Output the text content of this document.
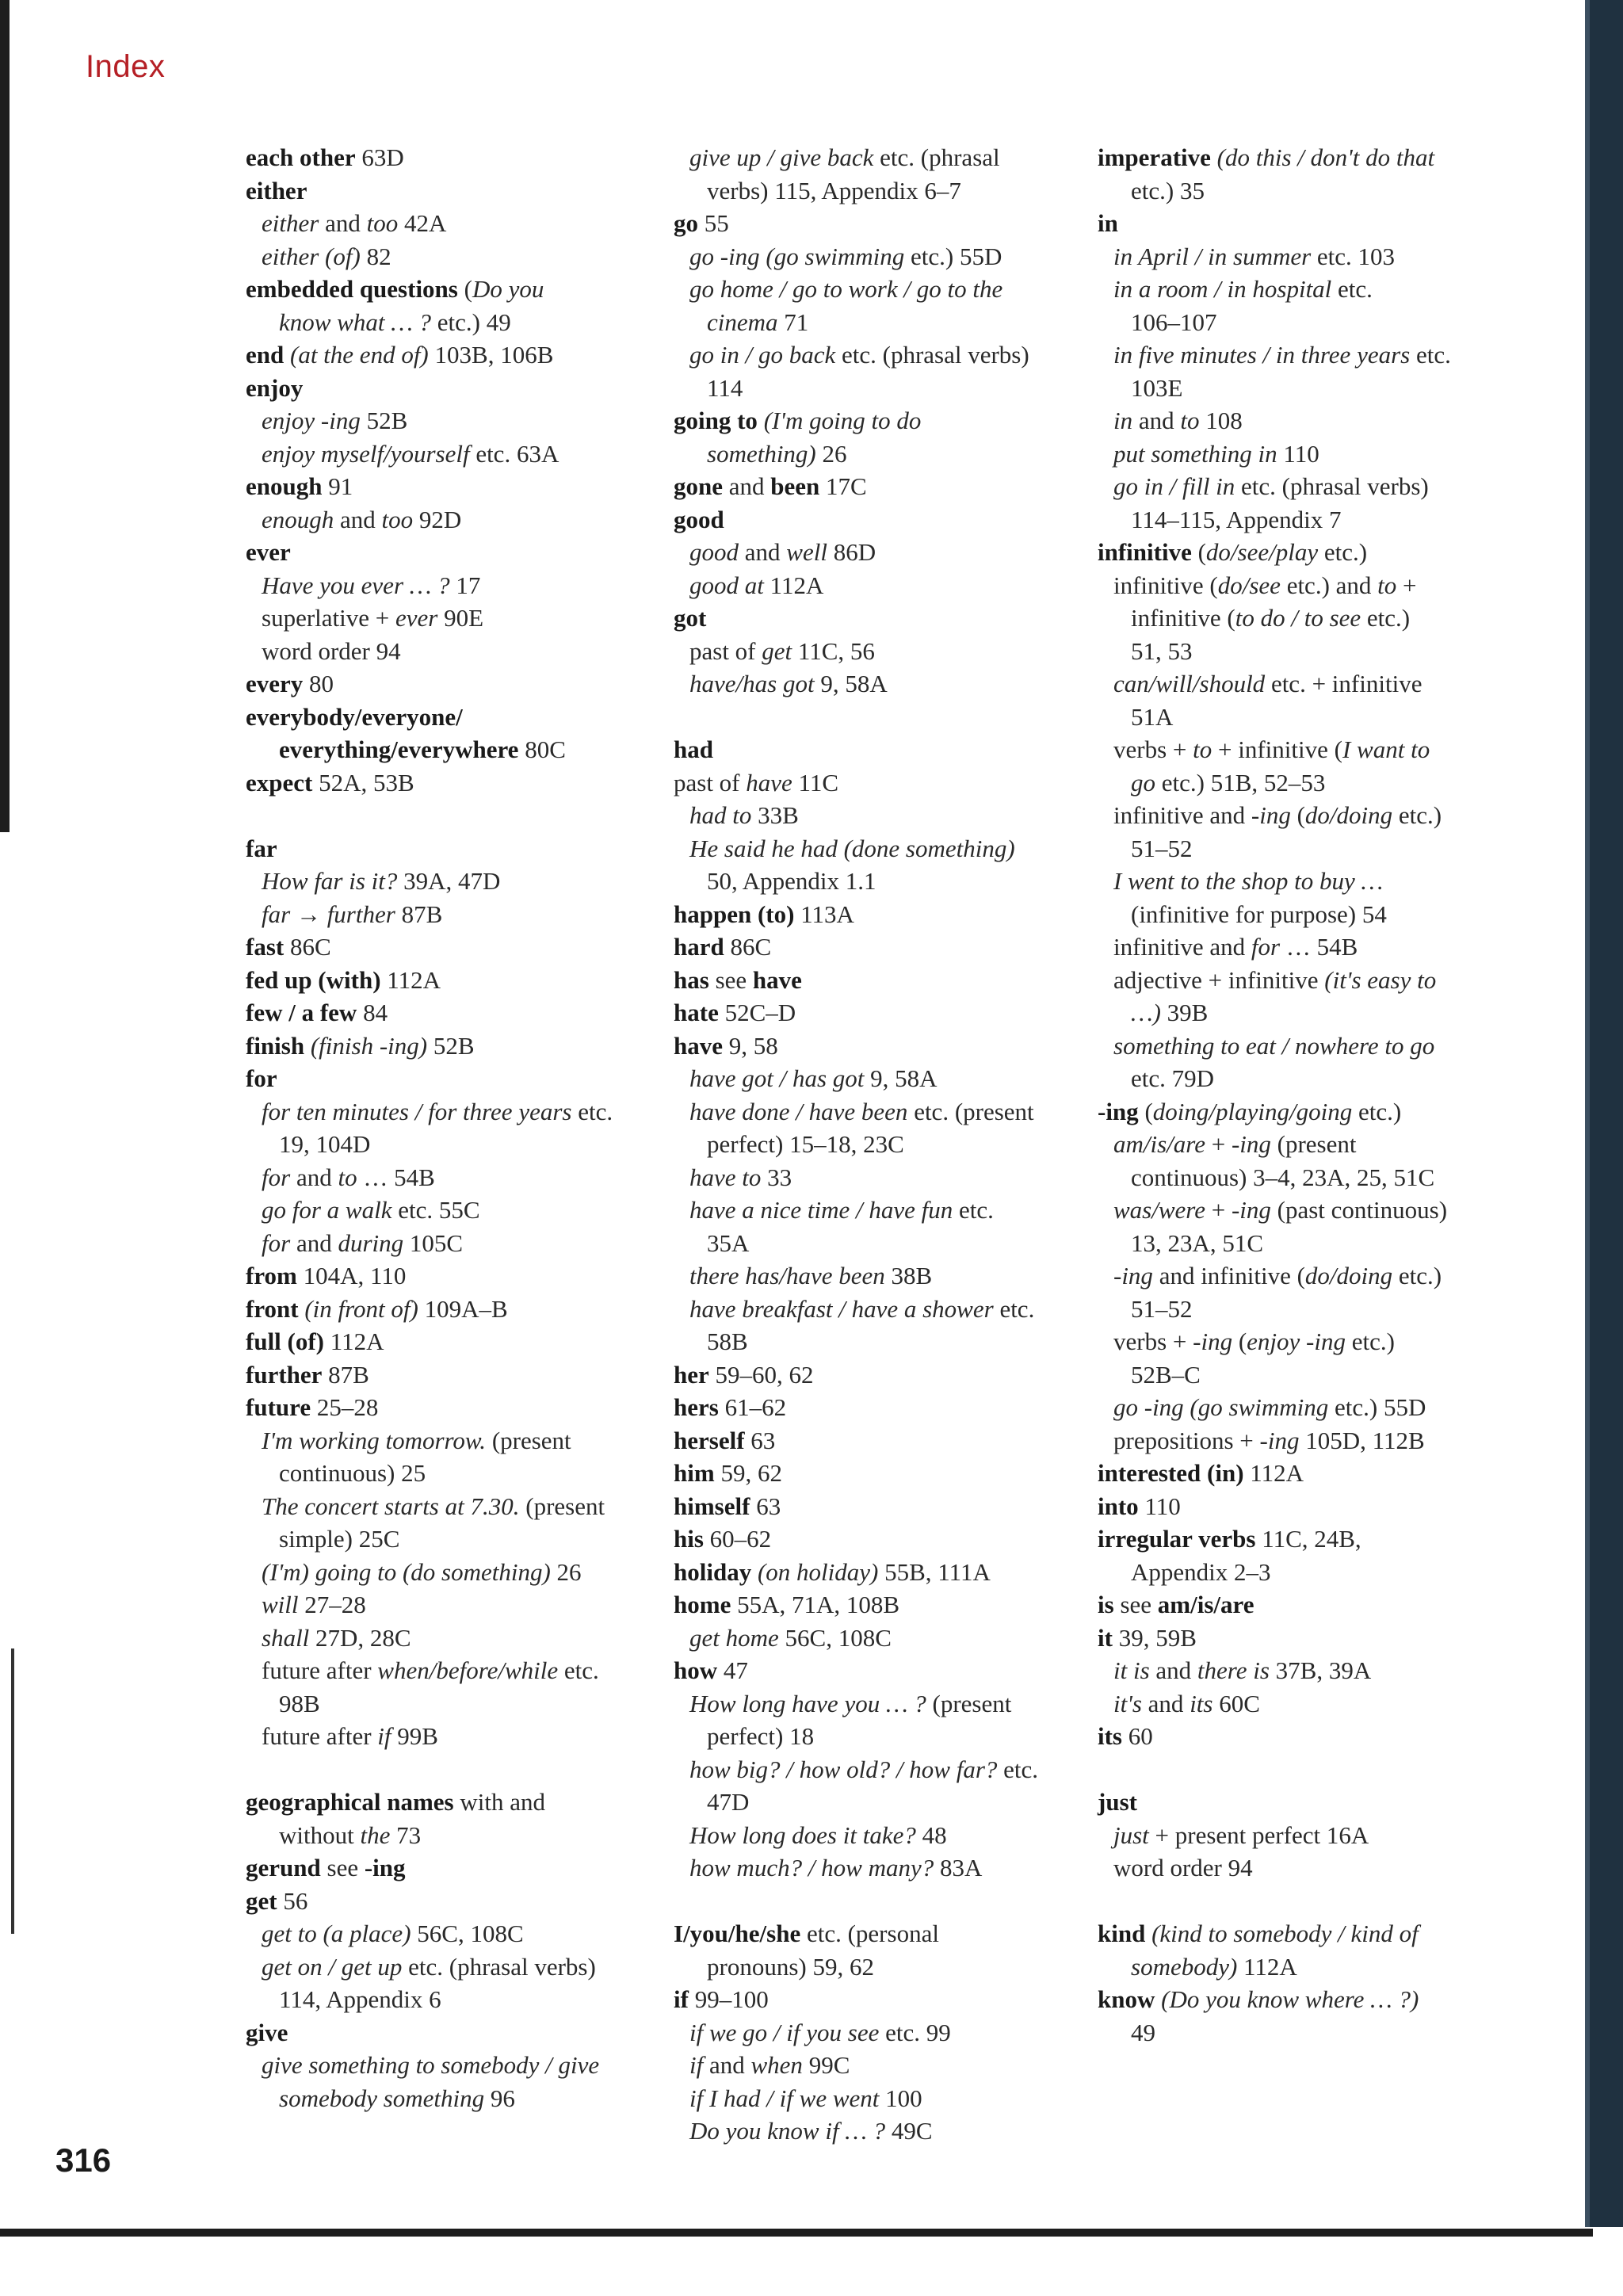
Index
each other 63D
either
either and too 42A
either (of) 82
embedded questions (Do you
know what … ? etc.) 49
end (at the end of) 103B, 106B
enjoy
enjoy -ing 52B
enjoy myself/yourself etc. 63A
enough 91
enough and too 92D
ever
Have you ever … ? 17
superlative + ever 90E
word order 94
every 80
everybody/everyone/
everything/everywhere 80C
expect 52A, 53B
far
How far is it? 39A, 47D
far → further 87B
fast 86C
fed up (with) 112A
few / a few 84
finish (finish -ing) 52B
for
for ten minutes / for three years etc.
19, 104D
for and to … 54B
go for a walk etc. 55C
for and during 105C
from 104A, 110
front (in front of) 109A–B
full (of) 112A
further 87B
future 25–28
I'm working tomorrow. (present
continuous) 25
The concert starts at 7.30. (present
simple) 25C
(I'm) going to (do something) 26
will 27–28
shall 27D, 28C
future after when/before/while etc.
98B
future after if 99B
geographical names with and
without the 73
gerund see -ing
get 56
get to (a place) 56C, 108C
get on / get up etc. (phrasal verbs)
114, Appendix 6
give
give something to somebody / give
somebody something 96
give up / give back etc. (phrasal
verbs) 115, Appendix 6–7
go 55
go -ing (go swimming etc.) 55D
go home / go to work / go to the
cinema 71
go in / go back etc. (phrasal verbs)
114
going to (I'm going to do
something) 26
gone and been 17C
good
good and well 86D
good at 112A
got
past of get 11C, 56
have/has got 9, 58A
had
past of have 11C
had to 33B
He said he had (done something)
50, Appendix 1.1
happen (to) 113A
hard 86C
has see have
hate 52C–D
have 9, 58
have got / has got 9, 58A
have done / have been etc. (present
perfect) 15–18, 23C
have to 33
have a nice time / have fun etc.
35A
there has/have been 38B
have breakfast / have a shower etc.
58B
her 59–60, 62
hers 61–62
herself 63
him 59, 62
himself 63
his 60–62
holiday (on holiday) 55B, 111A
home 55A, 71A, 108B
get home 56C, 108C
how 47
How long have you … ? (present
perfect) 18
how big? / how old? / how far? etc.
47D
How long does it take? 48
how much? / how many? 83A
I/you/he/she etc. (personal
pronouns) 59, 62
if 99–100
if we go / if you see etc. 99
if and when 99C
if I had / if we went 100
Do you know if … ? 49C
imperative (do this / don't do that
etc.) 35
in
in April / in summer etc. 103
in a room / in hospital etc.
106–107
in five minutes / in three years etc.
103E
in and to 108
put something in 110
go in / fill in etc. (phrasal verbs)
114–115, Appendix 7
infinitive (do/see/play etc.)
infinitive (do/see etc.) and to +
infinitive (to do / to see etc.)
51, 53
can/will/should etc. + infinitive
51A
verbs + to + infinitive (I want to
go etc.) 51B, 52–53
infinitive and -ing (do/doing etc.)
51–52
I went to the shop to buy …
(infinitive for purpose) 54
infinitive and for … 54B
adjective + infinitive (it's easy to
…) 39B
something to eat / nowhere to go
etc. 79D
-ing (doing/playing/going etc.)
am/is/are + -ing (present
continuous) 3–4, 23A, 25, 51C
was/were + -ing (past continuous)
13, 23A, 51C
-ing and infinitive (do/doing etc.)
51–52
verbs + -ing (enjoy -ing etc.)
52B–C
go -ing (go swimming etc.) 55D
prepositions + -ing 105D, 112B
interested (in) 112A
into 110
irregular verbs 11C, 24B,
Appendix 2–3
is see am/is/are
it 39, 59B
it is and there is 37B, 39A
it's and its 60C
its 60
just
just + present perfect 16A
word order 94
kind (kind to somebody / kind of
somebody) 112A
know (Do you know where … ?)
49
316
